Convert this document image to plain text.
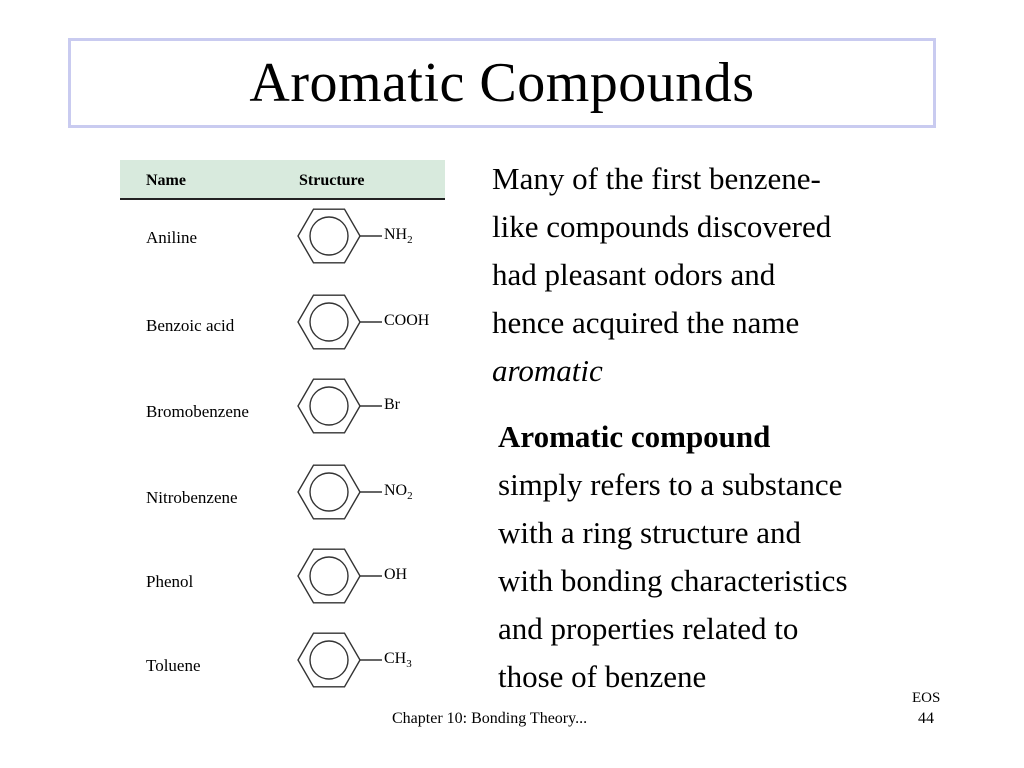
Aromatic Compounds
Name	Structure
Aniline	$NH_2$
Benzoic acid	COOH
Bromobenzene	Br
Nitrobenzene	$NO_2$
Phenol	OH
Toluene	$CH_3$

Many of the first benzene-
like compounds discovered
had pleasant odors and
hence acquired the name
aromatic

Aromatic compound
simply refers to a substance
with a ring structure and
with bonding characteristics
and properties related to
those of benzene

EOS
Chapter 10: Bonding Theory...	44
